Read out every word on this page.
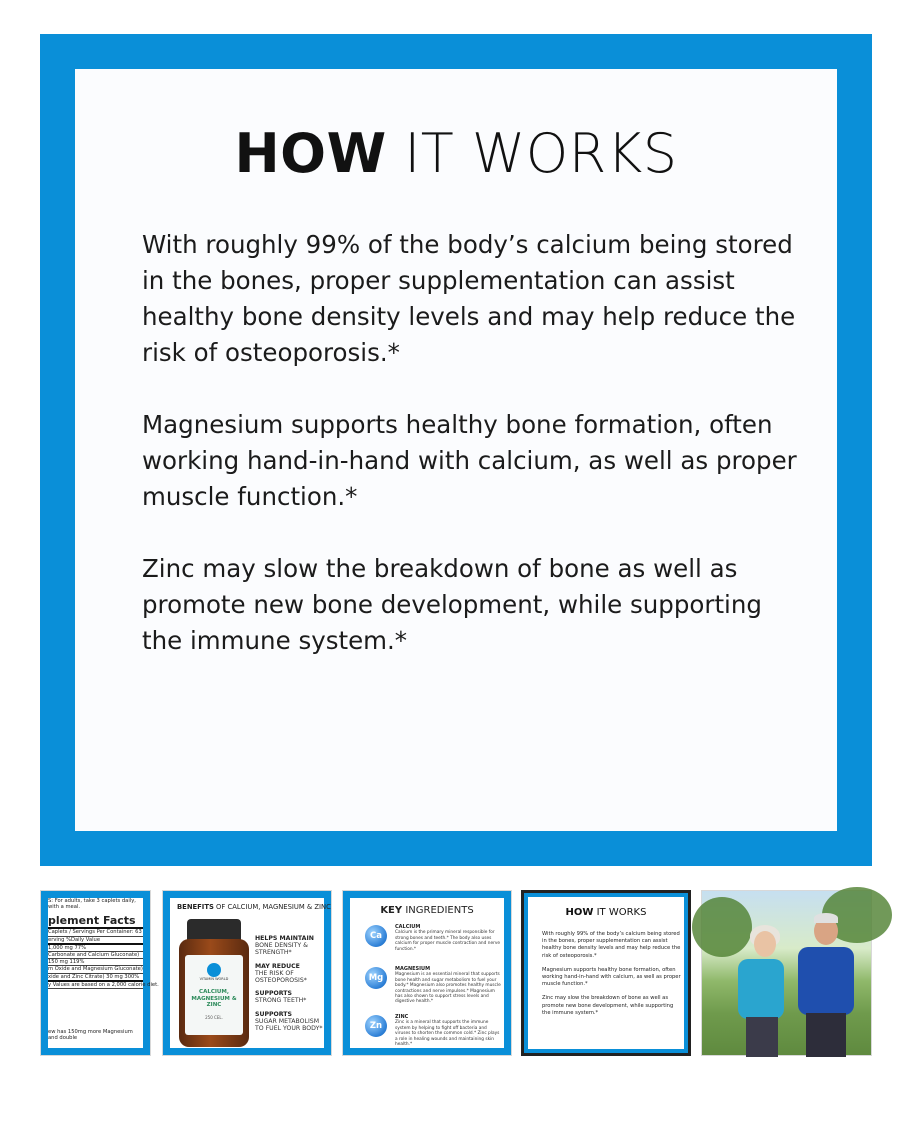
HOW IT WORKS

With roughly 99% of the body’s calcium being stored in the bones, proper supplementation can assist healthy bone density levels and may help reduce the risk of osteoporosis.*

Magnesium supports healthy bone formation, often working hand-in-hand with calcium, as well as proper muscle function.*

Zinc may slow the breakdown of bone as well as promote new bone development, while supporting the immune system.*

S: For adults, take 3 caplets daily, with a meal.
plement Facts
Caplets / Servings Per Container: 63
erving %Daily Value
1,000 mg 77%
Carbonate and Calcium Gluconate)
150 mg 119%
m Oxide and Magnesium Gluconate)
xide and Zinc Citrate) 30 mg 300%
y Values are based on a 2,000 calorie diet.
ew has 150mg more Magnesium and double
BENEFITS OF CALCIUM, MAGNESIUM & ZINC
VITAMIN WORLD
CALCIUM, MAGNESIUM & ZINC
250 CEL.
HELPS MAINTAIN
BONE DENSITY & STRENGTH*
MAY REDUCE
THE RISK OF OSTEOPOROSIS*
SUPPORTS
STRONG TEETH*
SUPPORTS
SUGAR METABOLISM TO FUEL YOUR BODY*
KEY INGREDIENTS
Ca
CALCIUM
Calcium is the primary mineral responsible for strong bones and teeth.* The body also uses calcium for proper muscle contraction and nerve function.*
Mg
MAGNESIUM
Magnesium is an essential mineral that supports bone health and sugar metabolism to fuel your body.* Magnesium also promotes healthy muscle contractions and nerve impulses.* Magnesium has also shown to support stress levels and digestive health.*
Zn
ZINC
Zinc is a mineral that supports the immune system by helping to fight off bacteria and viruses to shorten the common cold.* Zinc plays a role in healing wounds and maintaining skin health.*
HOW IT WORKS

With roughly 99% of the body’s calcium being stored in the bones, proper supplementation can assist healthy bone density levels and may help reduce the risk of osteoporosis.*

Magnesium supports healthy bone formation, often working hand-in-hand with calcium, as well as proper muscle function.*

Zinc may slow the breakdown of bone as well as promote new bone development, while supporting the immune system.*
